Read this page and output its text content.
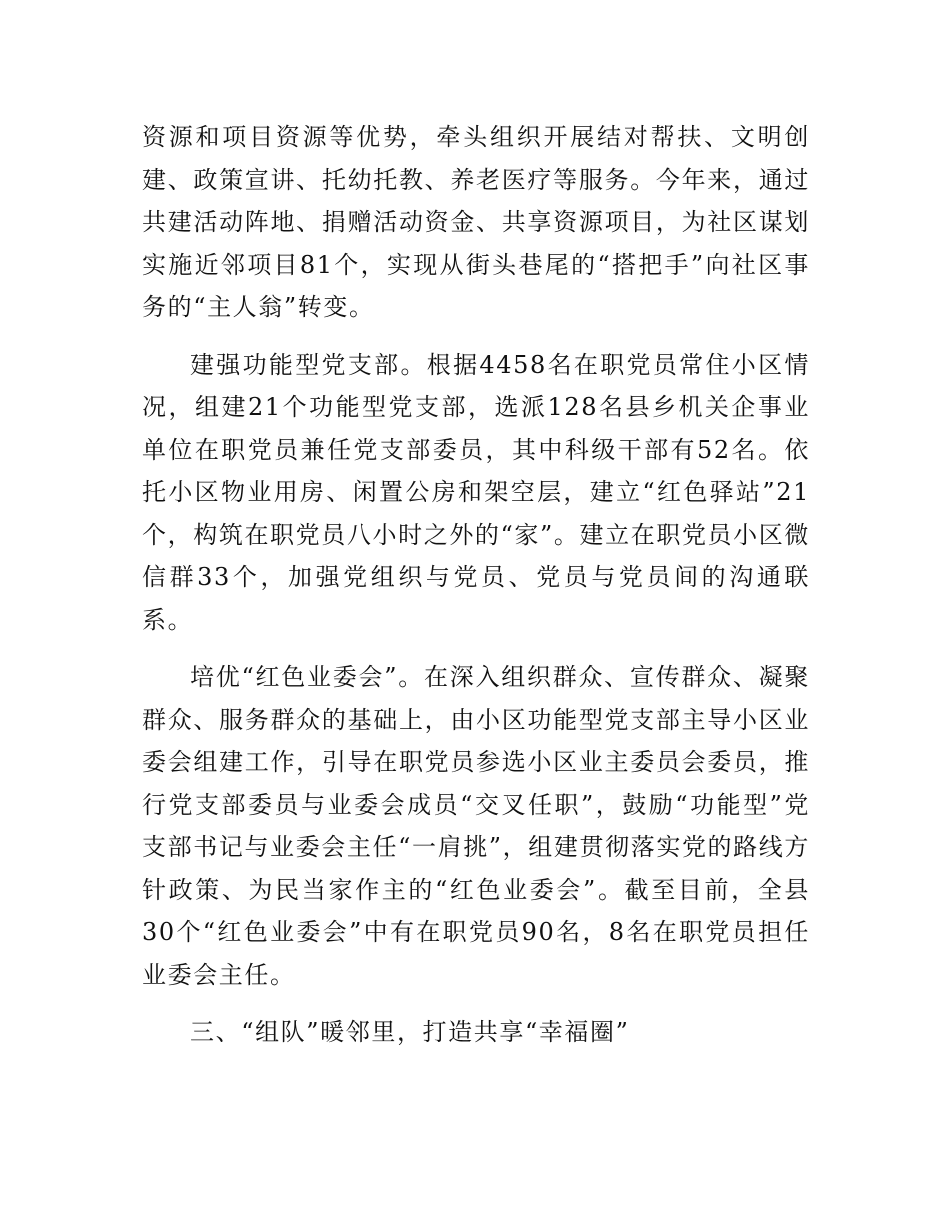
资源和项目资源等优势，牵头组织开展结对帮扶、文明创建、政策宣讲、托幼托教、养老医疗等服务。今年来，通过共建活动阵地、捐赠活动资金、共享资源项目，为社区谋划实施近邻项目81个，实现从街头巷尾的“搭把手”向社区事务的“主人翁”转变。

建强功能型党支部。根据4458名在职党员常住小区情况，组建21个功能型党支部，选派128名县乡机关企事业单位在职党员兼任党支部委员，其中科级干部有52名。依托小区物业用房、闲置公房和架空层，建立“红色驿站”21个，构筑在职党员八小时之外的“家”。建立在职党员小区微信群33个，加强党组织与党员、党员与党员间的沟通联系。

培优“红色业委会”。在深入组织群众、宣传群众、凝聚群众、服务群众的基础上，由小区功能型党支部主导小区业委会组建工作，引导在职党员参选小区业主委员会委员，推行党支部委员与业委会成员“交叉任职”，鼓励“功能型”党支部书记与业委会主任“一肩挑”，组建贯彻落实党的路线方针政策、为民当家作主的“红色业委会”。截至目前，全县30个“红色业委会”中有在职党员90名，8名在职党员担任业委会主任。

三、“组队”暖邻里，打造共享“幸福圈”
